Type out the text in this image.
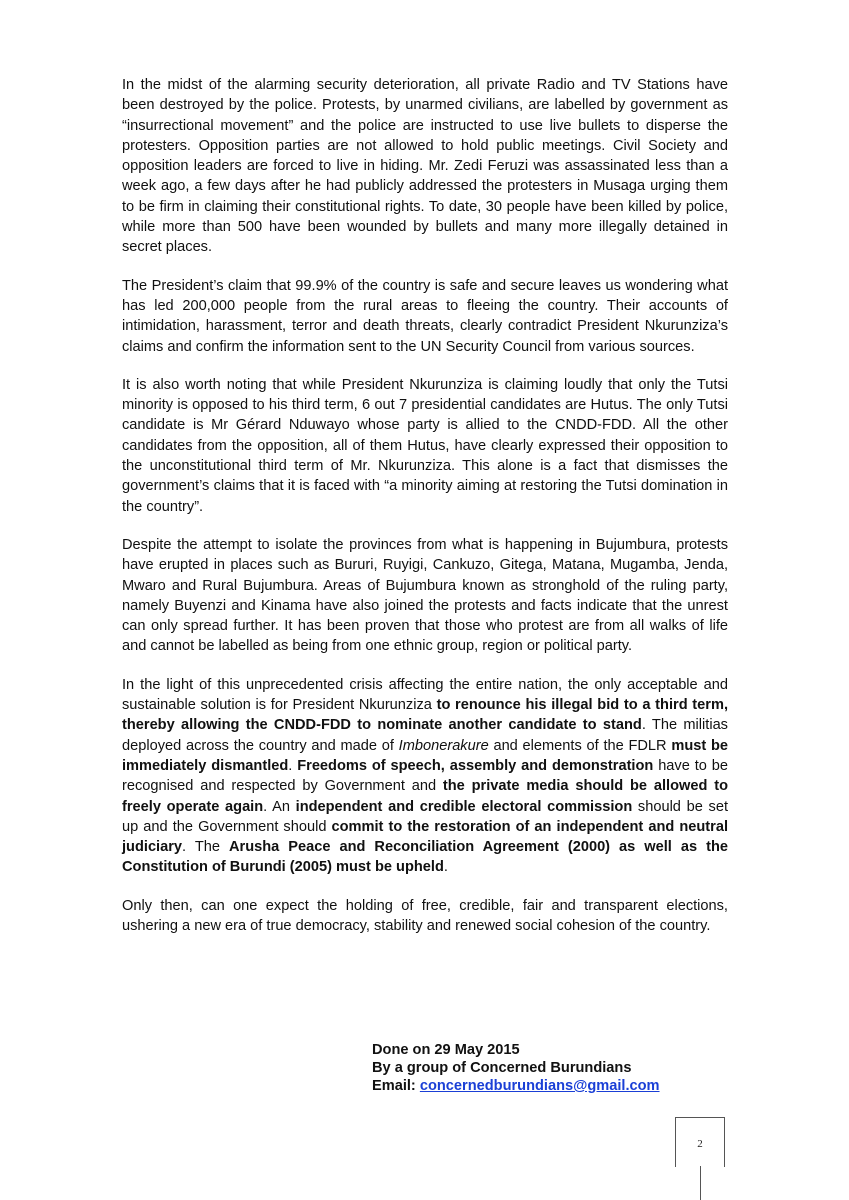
In the midst of the alarming security deterioration, all private Radio and TV Stations have been destroyed by the police. Protests, by unarmed civilians, are labelled by government as “insurrectional movement” and the police are instructed to use live bullets to disperse the protesters. Opposition parties are not allowed to hold public meetings. Civil Society and opposition leaders are forced to live in hiding. Mr. Zedi Feruzi was assassinated less than a week ago, a few days after he had publicly addressed the protesters in Musaga urging them to be firm in claiming their constitutional rights. To date, 30 people have been killed by police, while more than 500 have been wounded by bullets and many more illegally detained in secret places.

The President’s claim that 99.9% of the country is safe and secure leaves us wondering what has led 200,000 people from the rural areas to fleeing the country. Their accounts of intimidation, harassment, terror and death threats, clearly contradict President Nkurunziza’s claims and confirm the information sent to the UN Security Council from various sources.

It is also worth noting that while President Nkurunziza is claiming loudly that only the Tutsi minority is opposed to his third term, 6 out 7 presidential candidates are Hutus. The only Tutsi candidate is Mr Gérard Nduwayo whose party is allied to the CNDD-FDD. All the other candidates from the opposition, all of them Hutus, have clearly expressed their opposition to the unconstitutional third term of Mr. Nkurunziza. This alone is a fact that dismisses the government’s claims that it is faced with “a minority aiming at restoring the Tutsi domination in the country”.

Despite the attempt to isolate the provinces from what is happening in Bujumbura, protests have erupted in places such as Bururi, Ruyigi, Cankuzo, Gitega, Matana, Mugamba, Jenda, Mwaro and Rural Bujumbura. Areas of Bujumbura known as stronghold of the ruling party, namely Buyenzi and Kinama have also joined the protests and facts indicate that the unrest can only spread further. It has been proven that those who protest are from all walks of life and cannot be labelled as being from one ethnic group, region or political party.

In the light of this unprecedented crisis affecting the entire nation, the only acceptable and sustainable solution is for President Nkurunziza to renounce his illegal bid to a third term, thereby allowing the CNDD-FDD to nominate another candidate to stand. The militias deployed across the country and made of Imbonerakure and elements of the FDLR must be immediately dismantled. Freedoms of speech, assembly and demonstration have to be recognised and respected by Government and the private media should be allowed to freely operate again. An independent and credible electoral commission should be set up and the Government should commit to the restoration of an independent and neutral judiciary. The Arusha Peace and Reconciliation Agreement (2000) as well as the Constitution of Burundi (2005) must be upheld.

Only then, can one expect the holding of free, credible, fair and transparent elections, ushering a new era of true democracy, stability and renewed social cohesion of the country.

Done on 29 May 2015
By a group of Concerned Burundians
Email: concernedburundians@gmail.com
2
